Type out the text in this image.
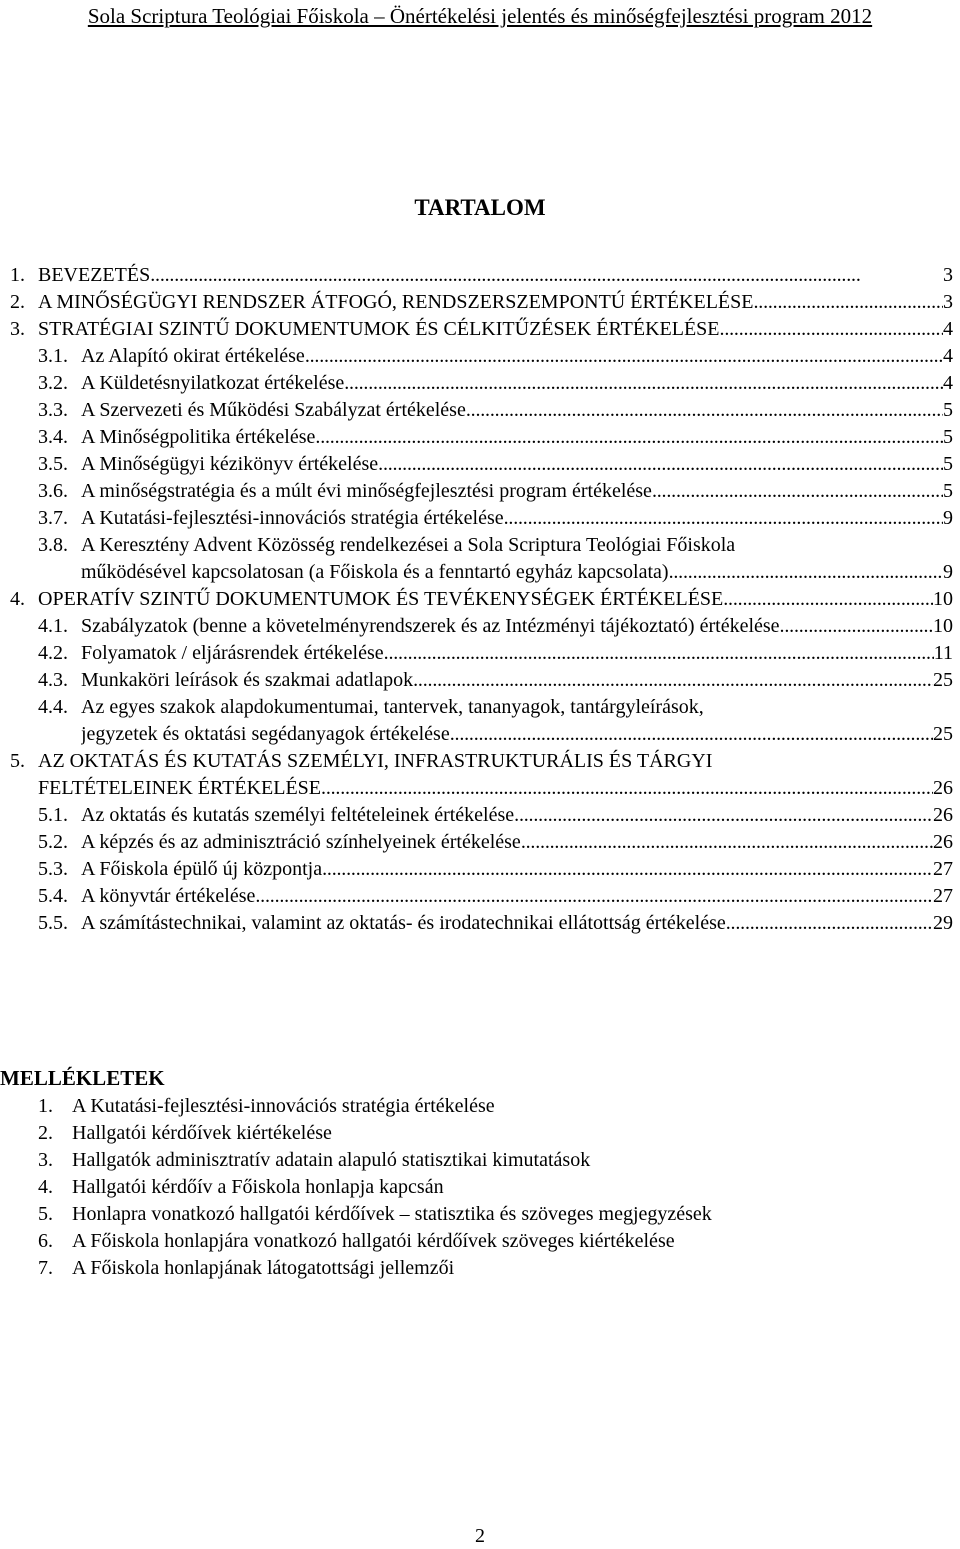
Sola Scriptura Teológiai Főiskola – Önértékelési jelentés és minőségfejlesztési program 2012
TARTALOM
1. BEVEZETÉS . . .	3
2. A MINŐSÉGÜGYI RENDSZER ÁTFOGÓ, RENDSZERSZEMPONTÚ ÉRTÉKELÉSE . . .	3
3. STRATÉGIAI SZINTŰ DOKUMENTUMOK ÉS CÉLKITŰZÉSEK ÉRTÉKELÉSE . . .	4
3.1. Az Alapító okirat értékelése . . .	4
3.2. A Küldetésnyilatkozat értékelése . . .	4
3.3. A Szervezeti és Működési Szabályzat értékelése . . .	5
3.4. A Minőségpolitika értékelése . . .	5
3.5. A Minőségügyi kézikönyv értékelése . . .	5
3.6. A minőségstratégia és a múlt évi minőségfejlesztési program értékelése . . .	5
3.7. A Kutatási-fejlesztési-innovációs stratégia értékelése . . .	9
3.8. A Keresztény Advent Közösség rendelkezései a Sola Scriptura Teológiai Főiskola
működésével kapcsolatosan (a Főiskola és a fenntartó egyház kapcsolata) . . .	9
4. OPERATÍV SZINTŰ DOKUMENTUMOK ÉS TEVÉKENYSÉGEK ÉRTÉKELÉSE . . .	10
4.1. Szabályzatok (benne a követelményrendszerek és az Intézményi tájékoztató) értékelése . . .	10
4.2. Folyamatok / eljárásrendek értékelése . . .	11
4.3. Munkaköri leírások és szakmai adatlapok . . .	25
4.4. Az egyes szakok alapdokumentumai, tantervek, tananyagok, tantárgyleírások,
jegyzetek és oktatási segédanyagok értékelése . . .	25
5. AZ OKTATÁS ÉS KUTATÁS SZEMÉLYI, INFRASTRUKTURÁLIS ÉS TÁRGYI
FELTÉTELEINEK ÉRTÉKELÉSE . . .	26
5.1. Az oktatás és kutatás személyi feltételeinek értékelése . . .	26
5.2. A képzés és az adminisztráció színhelyeinek értékelése . . .	26
5.3. A Főiskola épülő új központja . . .	27
5.4. A könyvtár értékelése . . .	27
5.5. A számítástechnikai, valamint az oktatás- és irodatechnikai ellátottság értékelése . . .	29
MELLÉKLETEK
1. A Kutatási-fejlesztési-innovációs stratégia értékelése
2. Hallgatói kérdőívek kiértékelése
3. Hallgatók adminisztratív adatain alapuló statisztikai kimutatások
4. Hallgatói kérdőív a Főiskola honlapja kapcsán
5. Honlapra vonatkozó hallgatói kérdőívek – statisztika és szöveges megjegyzések
6. A Főiskola honlapjára vonatkozó hallgatói kérdőívek szöveges kiértékelése
7. A Főiskola honlapjának látogatottsági jellemzői
2
